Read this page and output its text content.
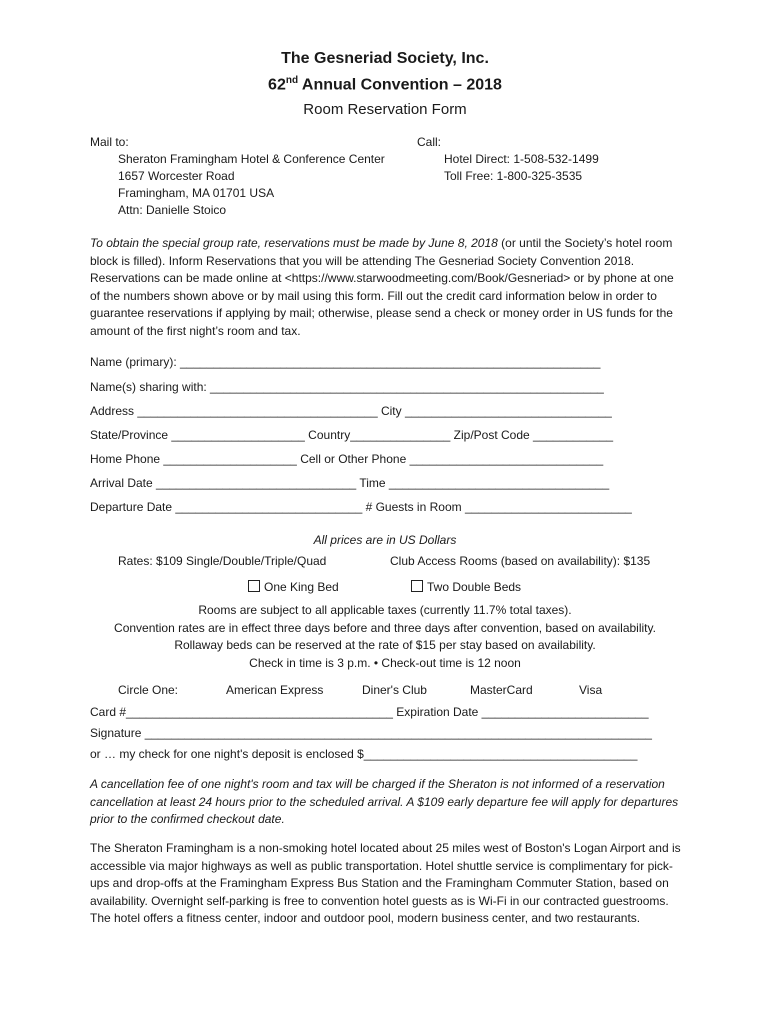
The Gesneriad Society, Inc.
62nd Annual Convention – 2018
Room Reservation Form
Mail to:
Sheraton Framingham Hotel & Conference Center
1657 Worcester Road
Framingham, MA 01701 USA
Attn: Danielle Stoico
Call:
Hotel Direct: 1-508-532-1499
Toll Free: 1-800-325-3535
To obtain the special group rate, reservations must be made by June 8, 2018 (or until the Society’s hotel room block is filled). Inform Reservations that you will be attending The Gesneriad Society Convention 2018. Reservations can be made online at <https://www.starwoodmeeting.com/Book/Gesneriad> or by phone at one of the numbers shown above or by mail using this form. Fill out the credit card information below in order to guarantee reservations if applying by mail; otherwise, please send a check or money order in US funds for the amount of the first night’s room and tax.
Name (primary): _______________________________________________________________
Name(s) sharing with: ___________________________________________________________
Address ____________________________________ City _______________________________
State/Province ____________________ Country_______________ Zip/Post Code ____________
Home Phone ____________________ Cell or Other Phone _____________________________
Arrival Date ______________________________ Time _________________________________
Departure Date ____________________________ # Guests in Room _________________________
All prices are in US Dollars
Rates: $109 Single/Double/Triple/Quad	Club Access Rooms (based on availability): $135
One King Bed	Two Double Beds
Rooms are subject to all applicable taxes (currently 11.7% total taxes).
Convention rates are in effect three days before and three days after convention, based on availability.
Rollaway beds can be reserved at the rate of $15 per stay based on availability.
Check in time is 3 p.m. • Check-out time is 12 noon
Circle One:	American Express	Diner's Club	MasterCard	Visa
Card #________________________________________ Expiration Date _________________________
Signature ____________________________________________________________________________
or … my check for one night's deposit is enclosed $_________________________________________
A cancellation fee of one night's room and tax will be charged if the Sheraton is not informed of a reservation cancellation at least 24 hours prior to the scheduled arrival. A $109 early departure fee will apply for departures prior to the confirmed checkout date.
The Sheraton Framingham is a non-smoking hotel located about 25 miles west of Boston's Logan Airport and is accessible via major highways as well as public transportation. Hotel shuttle service is complimentary for pick-ups and drop-offs at the Framingham Express Bus Station and the Framingham Commuter Station, based on availability. Overnight self-parking is free to convention hotel guests as is Wi-Fi in our contracted guestrooms. The hotel offers a fitness center, indoor and outdoor pool, modern business center, and two restaurants.
